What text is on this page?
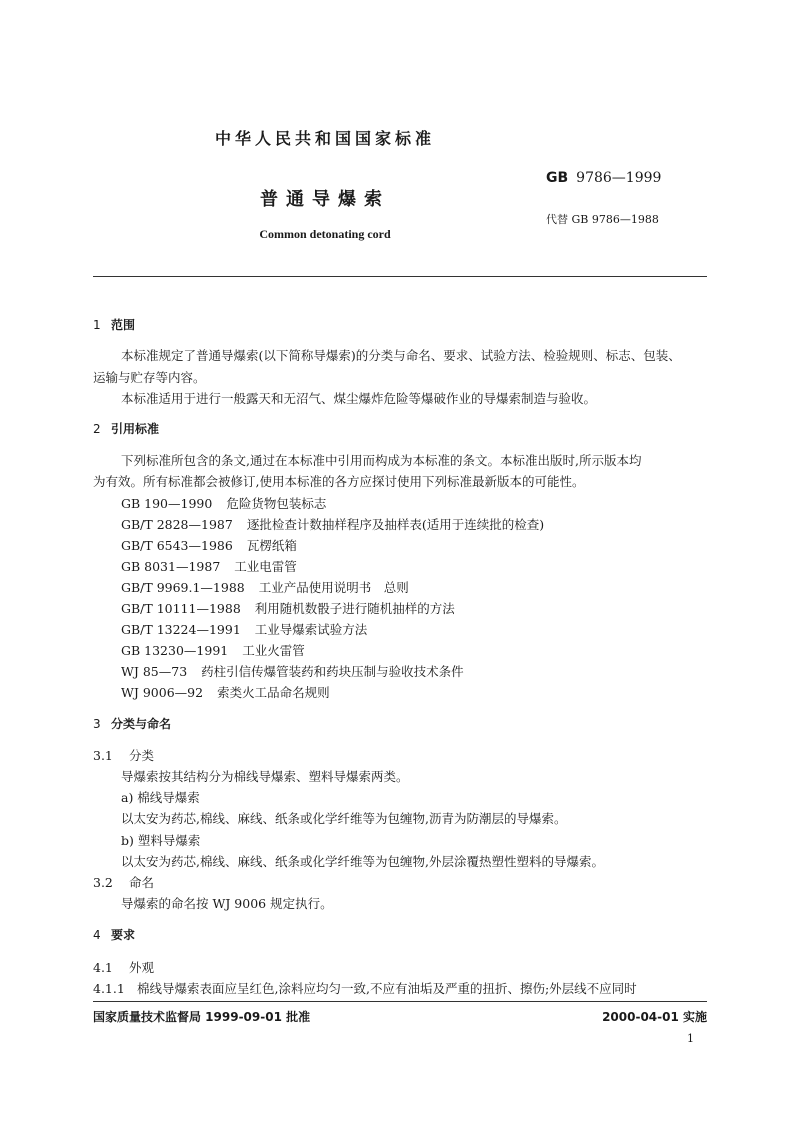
中华人民共和国国家标准
GB 9786—1999
普通导爆索
代替 GB 9786—1988
Common detonating cord
1 范围
本标准规定了普通导爆索(以下简称导爆索)的分类与命名、要求、试验方法、检验规则、标志、包装、
运输与贮存等内容。
本标准适用于进行一般露天和无沼气、煤尘爆炸危险等爆破作业的导爆索制造与验收。
2 引用标准
下列标准所包含的条文,通过在本标准中引用而构成为本标准的条文。本标准出版时,所示版本均
为有效。所有标准都会被修订,使用本标准的各方应探讨使用下列标准最新版本的可能性。
GB 190—1990 危险货物包装标志
GB/T 2828—1987 逐批检查计数抽样程序及抽样表(适用于连续批的检查)
GB/T 6543—1986 瓦楞纸箱
GB 8031—1987 工业电雷管
GB/T 9969.1—1988 工业产品使用说明书　总则
GB/T 10111—1988 利用随机数骰子进行随机抽样的方法
GB/T 13224—1991 工业导爆索试验方法
GB 13230—1991 工业火雷管
WJ 85—73 药柱引信传爆管装药和药块压制与验收技术条件
WJ 9006—92 索类火工品命名规则
3 分类与命名
3.1 分类
导爆索按其结构分为棉线导爆索、塑料导爆索两类。
a) 棉线导爆索
以太安为药芯,棉线、麻线、纸条或化学纤维等为包缠物,沥青为防潮层的导爆索。
b) 塑料导爆索
以太安为药芯,棉线、麻线、纸条或化学纤维等为包缠物,外层涂覆热塑性塑料的导爆索。
3.2 命名
导爆索的命名按 WJ 9006 规定执行。
4 要求
4.1 外观
4.1.1 棉线导爆索表面应呈红色,涂料应均匀一致,不应有油垢及严重的扭折、擦伤;外层线不应同时
国家质量技术监督局 1999-09-01 批准	2000-04-01 实施
1
